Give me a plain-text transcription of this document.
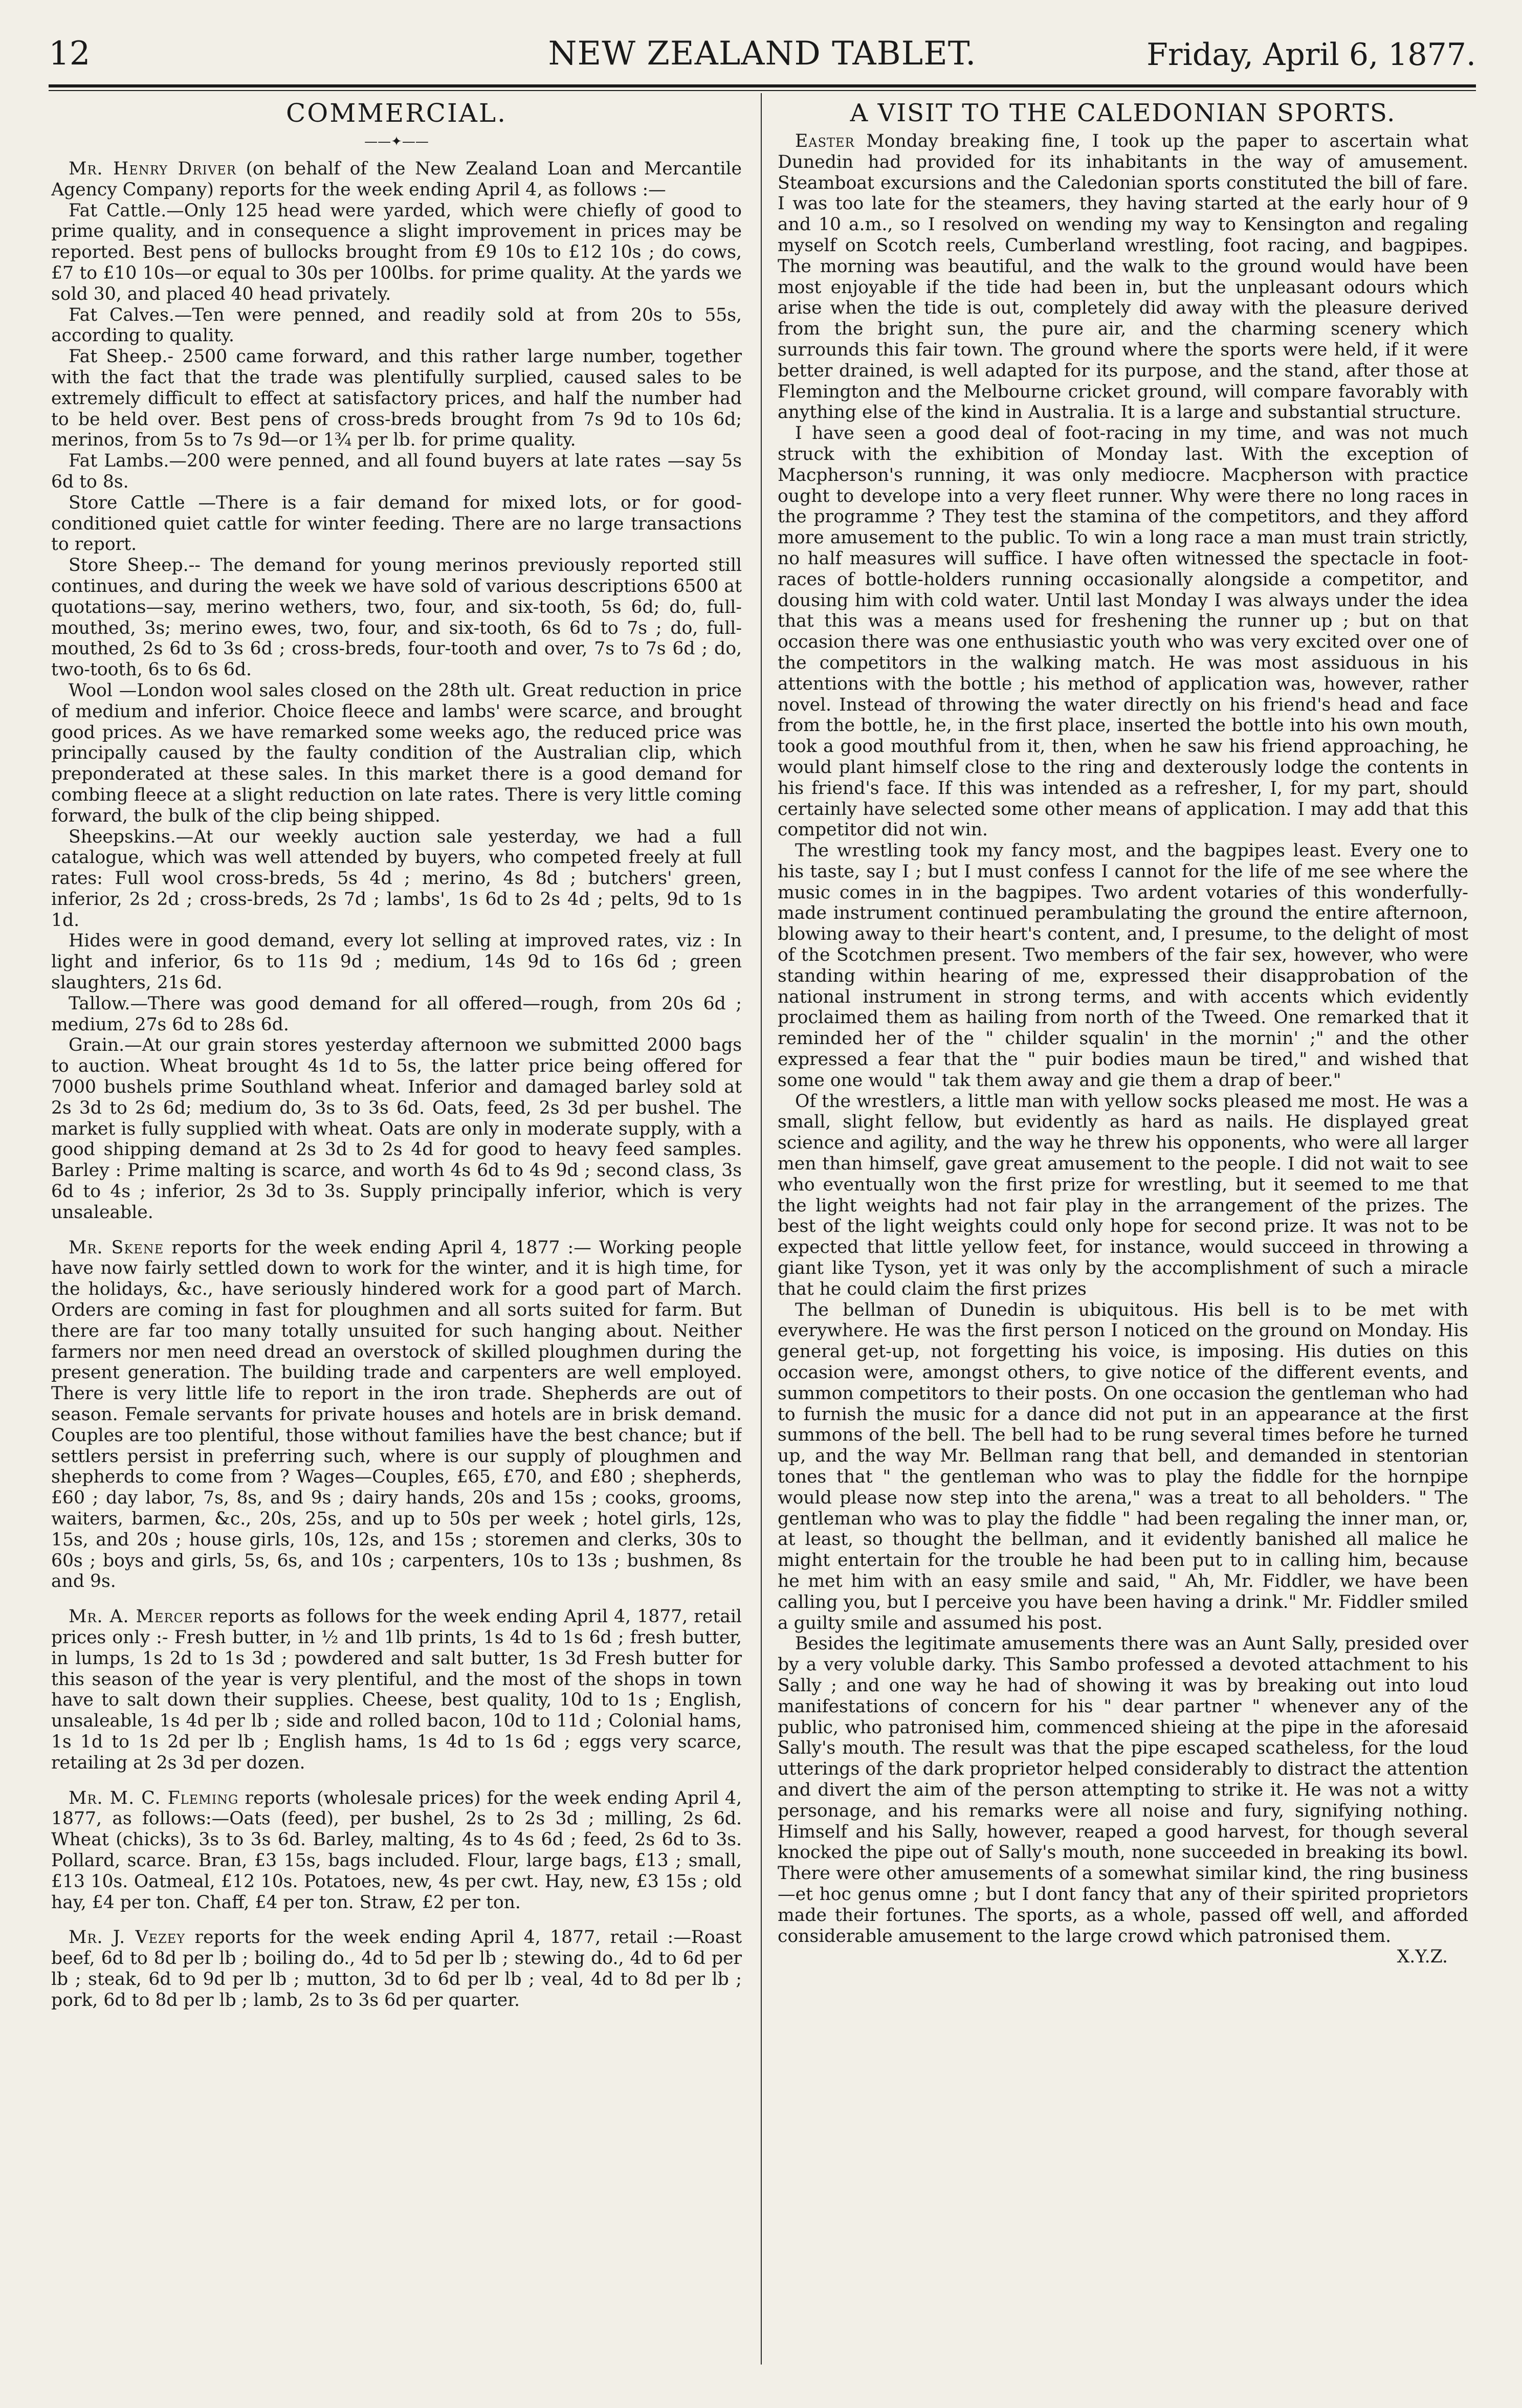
12	NEW ZEALAND TABLET.	Friday, April 6, 1877.
COMMERCIAL.
——✦——

Mr. Henry Driver (on behalf of the New Zealand Loan and Mercantile Agency Company) reports for the week ending April 4, as follows :—

Fat Cattle.—Only 125 head were yarded, which were chiefly of good to prime quality, and in consequence a slight improvement in prices may be reported. Best pens of bullocks brought from £9 10s to £12 10s ; do cows, £7 to £10 10s—or equal to 30s per 100lbs. for prime quality. At the yards we sold 30, and placed 40 head privately.

Fat Calves.—Ten were penned, and readily sold at from 20s to 55s, according to quality.

Fat Sheep.- 2500 came forward, and this rather large number, together with the fact that the trade was plentifully surplied, caused sales to be extremely difficult to effect at satisfactory prices, and half the number had to be held over. Best pens of cross-breds brought from 7s 9d to 10s 6d; merinos, from 5s to 7s 9d—or 1¾ per lb. for prime quality.

Fat Lambs.—200 were penned, and all found buyers at late rates —say 5s 6d to 8s.

Store Cattle —There is a fair demand for mixed lots, or for good-conditioned quiet cattle for winter feeding. There are no large transactions to report.

Store Sheep.-- The demand for young merinos previously reported still continues, and during the week we have sold of various descriptions 6500 at quotations—say, merino wethers, two, four, and six-tooth, 5s 6d; do, full-mouthed, 3s; merino ewes, two, four, and six-tooth, 6s 6d to 7s ; do, full-mouthed, 2s 6d to 3s 6d ; cross-breds, four-tooth and over, 7s to 7s 6d ; do, two-tooth, 6s to 6s 6d.

Wool —London wool sales closed on the 28th ult. Great reduction in price of medium and inferior. Choice fleece and lambs' were scarce, and brought good prices. As we have remarked some weeks ago, the reduced price was principally caused by the faulty condition of the Australian clip, which preponderated at these sales. In this market there is a good demand for combing fleece at a slight reduction on late rates. There is very little coming forward, the bulk of the clip being shipped.

Sheepskins.—At our weekly auction sale yesterday, we had a full catalogue, which was well attended by buyers, who competed freely at full rates: Full wool cross-breds, 5s 4d ; merino, 4s 8d ; butchers' green, inferior, 2s 2d ; cross-breds, 2s 7d ; lambs', 1s 6d to 2s 4d ; pelts, 9d to 1s 1d.

Hides were in good demand, every lot selling at improved rates, viz : In light and inferior, 6s to 11s 9d ; medium, 14s 9d to 16s 6d ; green slaughters, 21s 6d.

Tallow.—There was good demand for all offered—rough, from 20s 6d ; medium, 27s 6d to 28s 6d.

Grain.—At our grain stores yesterday afternoon we submitted 2000 bags to auction. Wheat brought 4s 1d to 5s, the latter price being offered for 7000 bushels prime Southland wheat. Inferior and damaged barley sold at 2s 3d to 2s 6d; medium do, 3s to 3s 6d. Oats, feed, 2s 3d per bushel. The market is fully supplied with wheat. Oats are only in moderate supply, with a good shipping demand at 2s 3d to 2s 4d for good to heavy feed samples. Barley : Prime malting is scarce, and worth 4s 6d to 4s 9d ; second class, 3s 6d to 4s ; inferior, 2s 3d to 3s. Supply principally inferior, which is very unsaleable.

Mr. Skene reports for the week ending April 4, 1877 :— Working people have now fairly settled down to work for the winter, and it is high time, for the holidays, &c., have seriously hindered work for a good part of March. Orders are coming in fast for ploughmen and all sorts suited for farm. But there are far too many totally unsuited for such hanging about. Neither farmers nor men need dread an overstock of skilled ploughmen during the present generation. The building trade and carpenters are well employed. There is very little life to report in the iron trade. Shepherds are out of season. Female servants for private houses and hotels are in brisk demand. Couples are too plentiful, those without families have the best chance; but if settlers persist in preferring such, where is our supply of ploughmen and shepherds to come from ? Wages—Couples, £65, £70, and £80 ; shepherds, £60 ; day labor, 7s, 8s, and 9s ; dairy hands, 20s and 15s ; cooks, grooms, waiters, barmen, &c., 20s, 25s, and up to 50s per week ; hotel girls, 12s, 15s, and 20s ; house girls, 10s, 12s, and 15s ; storemen and clerks, 30s to 60s ; boys and girls, 5s, 6s, and 10s ; carpenters, 10s to 13s ; bushmen, 8s and 9s.

Mr. A. Mercer reports as follows for the week ending April 4, 1877, retail prices only :- Fresh butter, in ½ and 1lb prints, 1s 4d to 1s 6d ; fresh butter, in lumps, 1s 2d to 1s 3d ; powdered and salt butter, 1s 3d Fresh butter for this season of the year is very plentiful, and the most of the shops in town have to salt down their supplies. Cheese, best quality, 10d to 1s ; English, unsaleable, 1s 4d per lb ; side and rolled bacon, 10d to 11d ; Colonial hams, 1s 1d to 1s 2d per lb ; English hams, 1s 4d to 1s 6d ; eggs very scarce, retailing at 2s 3d per dozen.

Mr. M. C. Fleming reports (wholesale prices) for the week ending April 4, 1877, as follows:—Oats (feed), per bushel, 2s to 2s 3d ; milling, 2s 6d. Wheat (chicks), 3s to 3s 6d. Barley, malting, 4s to 4s 6d ; feed, 2s 6d to 3s. Pollard, scarce. Bran, £3 15s, bags included. Flour, large bags, £13 ; small, £13 10s. Oatmeal, £12 10s. Potatoes, new, 4s per cwt. Hay, new, £3 15s ; old hay, £4 per ton. Chaff, £4 per ton. Straw, £2 per ton.

Mr. J. Vezey reports for the week ending April 4, 1877, retail :—Roast beef, 6d to 8d per lb ; boiling do., 4d to 5d per lb ; stewing do., 4d to 6d per lb ; steak, 6d to 9d per lb ; mutton, 3d to 6d per lb ; veal, 4d to 8d per lb ; pork, 6d to 8d per lb ; lamb, 2s to 3s 6d per quarter.

A VISIT TO THE CALEDONIAN SPORTS.

Easter Monday breaking fine, I took up the paper to ascertain what Dunedin had provided for its inhabitants in the way of amusement. Steamboat excursions and the Caledonian sports constituted the bill of fare. I was too late for the steamers, they having started at the early hour of 9 and 10 a.m., so I resolved on wending my way to Kensington and regaling myself on Scotch reels, Cumberland wrestling, foot racing, and bagpipes. The morning was beautiful, and the walk to the ground would have been most enjoyable if the tide had been in, but the unpleasant odours which arise when the tide is out, completely did away with the pleasure derived from the bright sun, the pure air, and the charming scenery which surrounds this fair town. The ground where the sports were held, if it were better drained, is well adapted for its purpose, and the stand, after those at Flemington and the Melbourne cricket ground, will compare favorably with anything else of the kind in Australia. It is a large and substantial structure.

I have seen a good deal of foot-racing in my time, and was not much struck with the exhibition of Monday last. With the exception of Macpherson's running, it was only mediocre. Macpherson with practice ought to develope into a very fleet runner. Why were there no long races in the programme ? They test the stamina of the competitors, and they afford more amusement to the public. To win a long race a man must train strictly, no half measures will suffice. I have often witnessed the spectacle in foot-races of bottle-holders running occasionally alongside a competitor, and dousing him with cold water. Until last Monday I was always under the idea that this was a means used for freshening the runner up ; but on that occasion there was one enthusiastic youth who was very excited over one of the competitors in the walking match. He was most assiduous in his attentions with the bottle ; his method of application was, however, rather novel. Instead of throwing the water directly on his friend's head and face from the bottle, he, in the first place, inserted the bottle into his own mouth, took a good mouthful from it, then, when he saw his friend approaching, he would plant himself close to the ring and dexterously lodge the contents in his friend's face. If this was intended as a refresher, I, for my part, should certainly have selected some other means of application. I may add that this competitor did not win.

The wrestling took my fancy most, and the bagpipes least. Every one to his taste, say I ; but I must confess I cannot for the life of me see where the music comes in in the bagpipes. Two ardent votaries of this wonderfully-made instrument continued perambulating the ground the entire afternoon, blowing away to their heart's content, and, I presume, to the delight of most of the Scotchmen present. Two members of the fair sex, however, who were standing within hearing of me, expressed their disapprobation of the national instrument in strong terms, and with accents which evidently proclaimed them as hailing from north of the Tweed. One remarked that it reminded her of the " childer squalin' in the mornin' ;" and the other expressed a fear that the " puir bodies maun be tired," and wished that some one would " tak them away and gie them a drap of beer."

Of the wrestlers, a little man with yellow socks pleased me most. He was a small, slight fellow, but evidently as hard as nails. He displayed great science and agility, and the way he threw his opponents, who were all larger men than himself, gave great amusement to the people. I did not wait to see who eventually won the first prize for wrestling, but it seemed to me that the light weights had not fair play in the arrangement of the prizes. The best of the light weights could only hope for second prize. It was not to be expected that little yellow feet, for instance, would succeed in throwing a giant like Tyson, yet it was only by the accomplishment of such a miracle that he could claim the first prizes

The bellman of Dunedin is ubiquitous. His bell is to be met with everywhere. He was the first person I noticed on the ground on Monday. His general get-up, not forgetting his voice, is imposing. His duties on this occasion were, amongst others, to give notice of the different events, and summon competitors to their posts. On one occasion the gentleman who had to furnish the music for a dance did not put in an appearance at the first summons of the bell. The bell had to be rung several times before he turned up, and the way Mr. Bellman rang that bell, and demanded in stentorian tones that " the gentleman who was to play the fiddle for the hornpipe would please now step into the arena," was a treat to all beholders. " The gentleman who was to play the fiddle " had been regaling the inner man, or, at least, so thought the bellman, and it evidently banished all malice he might entertain for the trouble he had been put to in calling him, because he met him with an easy smile and said, " Ah, Mr. Fiddler, we have been calling you, but I perceive you have been having a drink." Mr. Fiddler smiled a guilty smile and assumed his post.

Besides the legitimate amusements there was an Aunt Sally, presided over by a very voluble darky. This Sambo professed a devoted attachment to his Sally ; and one way he had of showing it was by breaking out into loud manifestations of concern for his " dear partner " whenever any of the public, who patronised him, commenced shieing at the pipe in the aforesaid Sally's mouth. The result was that the pipe escaped scatheless, for the loud utterings of the dark proprietor helped considerably to distract the attention and divert the aim of the person attempting to strike it. He was not a witty personage, and his remarks were all noise and fury, signifying nothing. Himself and his Sally, however, reaped a good harvest, for though several knocked the pipe out of Sally's mouth, none succeeded in breaking its bowl. There were other amusements of a somewhat similar kind, the ring business—et hoc genus omne ; but I dont fancy that any of their spirited proprietors made their fortunes. The sports, as a whole, passed off well, and afforded considerable amusement to the large crowd which patronised them.

X.Y.Z.
